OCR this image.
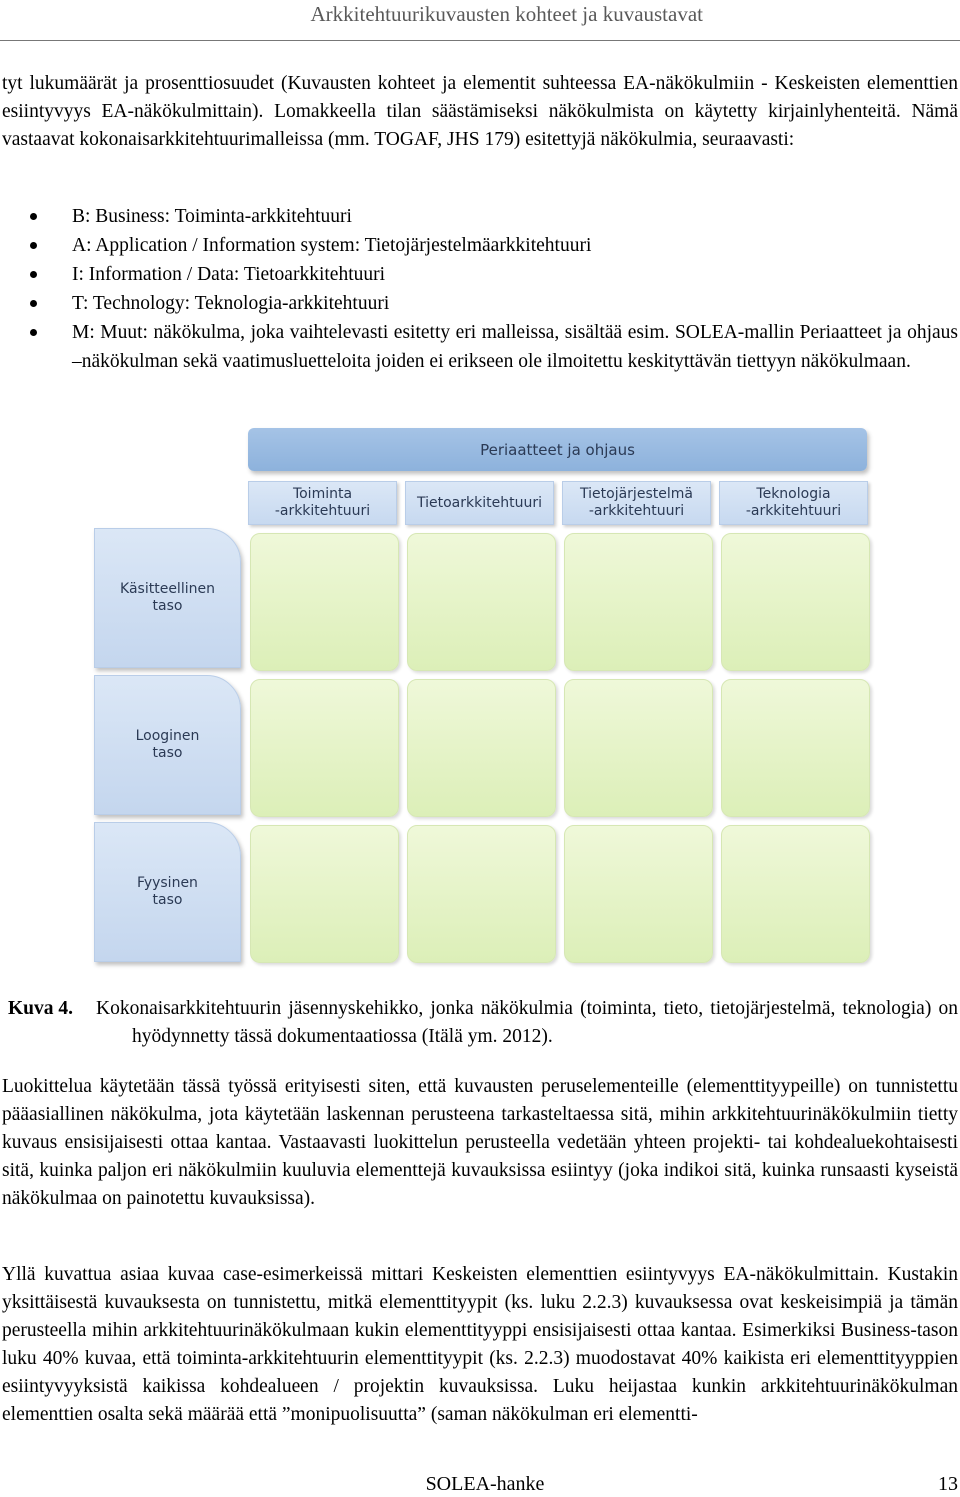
Arkkitehtuurikuvausten kohteet ja kuvaustavat

tyt lukumäärät ja prosenttiosuudet (Kuvausten kohteet ja elementit suhteessa EA-näkökulmiin - Keskeisten elementtien esiintyvyys EA-näkökulmittain). Lomakkeella tilan säästämiseksi näkökulmista on käytetty kirjainlyhenteitä. Nämä vastaavat kokonaisarkkitehtuurimalleissa (mm. TOGAF, JHS 179) esitettyjä näkökulmia, seuraavasti:

B: Business: Toiminta-arkkitehtuuri
A: Application / Information system: Tietojärjestelmäarkkitehtuuri
I: Information / Data: Tietoarkkitehtuuri
T: Technology: Teknologia-arkkitehtuuri
M: Muut: näkökulma, joka vaihtelevasti esitetty eri malleissa, sisältää esim. SOLEA-mallin Periaatteet ja ohjaus –näkökulman sekä vaatimusluetteloita joiden ei erikseen ole ilmoitettu keskityttävän tiettyyn näkökulmaan.
Periaatteet ja ohjaus
Toiminta
-arkkitehtuuri
Tietoarkkitehtuuri
Tietojärjestelmä
-arkkitehtuuri
Teknologia
-arkkitehtuuri
Käsitteellinen
taso
Looginen
taso
Fyysinen
taso
Kuva 4. Kokonaisarkkitehtuurin jäsennyskehikko, jonka näkökulmia (toiminta, tieto, tietojärjestelmä, teknologia) on hyödynnetty tässä dokumentaatiossa (Itälä ym. 2012).

Luokittelua käytetään tässä työssä erityisesti siten, että kuvausten peruselementeille (elementtityypeille) on tunnistettu pääasiallinen näkökulma, jota käytetään laskennan perusteena tarkasteltaessa sitä, mihin arkkitehtuurinäkökulmiin tietty kuvaus ensisijaisesti ottaa kantaa. Vastaavasti luokittelun perusteella vedetään yhteen projekti- tai kohdealuekohtaisesti sitä, kuinka paljon eri näkökulmiin kuuluvia elementtejä kuvauksissa esiintyy (joka indikoi sitä, kuinka runsaasti kyseistä näkökulmaa on painotettu kuvauksissa).

Yllä kuvattua asiaa kuvaa case-esimerkeissä mittari Keskeisten elementtien esiintyvyys EA-näkökulmittain. Kustakin yksittäisestä kuvauksesta on tunnistettu, mitkä elementtityypit (ks. luku 2.2.3) kuvauksessa ovat keskeisimpiä ja tämän perusteella mihin arkkitehtuurinäkökulmaan kukin elementtityyppi ensisijaisesti ottaa kantaa. Esimerkiksi Business-tason luku 40% kuvaa, että toiminta-arkkitehtuurin elementtityypit (ks. 2.2.3) muodostavat 40% kaikista eri elementtityyppien esiintyvyyksistä kaikissa kohdealueen / projektin kuvauksissa. Luku heijastaa kunkin arkkitehtuurinäkökulman elementtien osalta sekä määrää että ”monipuolisuutta” (saman näkökulman eri elementti-

SOLEA-hanke	13
